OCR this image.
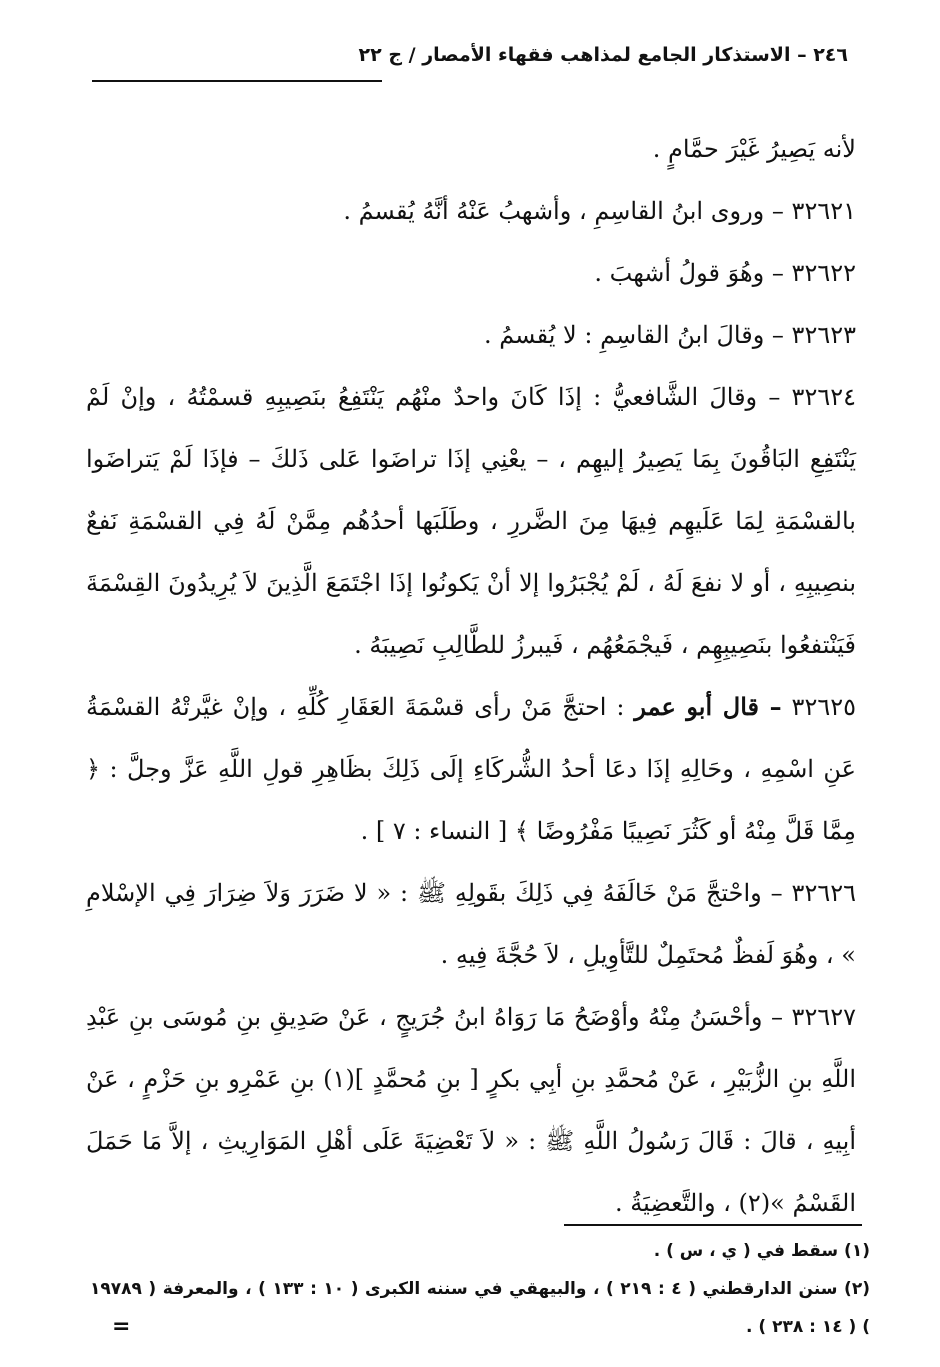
٢٤٦ – الاستذكار الجامع لمذاهب فقهاء الأمصار / ج ٢٢

لأنه يَصِيرُ غَيْرَ حمَّامٍ .

٣٢٦٢١ – وروى ابنُ القاسِمِ ، وأشهبُ عَنْهُ أنَّهُ يُقسمُ .

٣٢٦٢٢ – وهُوَ قولُ أشهبَ .

٣٢٦٢٣ – وقالَ ابنُ القاسِمِ : لا يُقسمُ .

٣٢٦٢٤ – وقالَ الشَّافعيُّ : إذَا كَانَ واحدٌ منْهُم يَنْتَفِعُ بنَصِيبِهِ قسمْتُهُ ، وإنْ لَمْ يَنْتَفِعِ البَاقُونَ بِمَا يَصِيرُ إليهِم ، – يعْنِي إذَا تراضَوا عَلى ذَلكَ – فإذَا لَمْ يَتراضَوا بالقسْمَةِ لِمَا عَلَيهِم فِيهَا مِنَ الضَّررِ ، وطَلَبَها أحدُهُم مِمَّنْ لَهُ فِي القسْمَةِ نَفعٌ بنصِيبِهِ ، أو لا نفعَ لَهُ ، لَمْ يُجْبَرُوا إلا أنْ يَكونُوا إذَا اجْتَمَعَ الَّذِينَ لاَ يُرِيدُونَ القِسْمَةَ فَيَنْتفعُوا بنَصِيبِهِم ، فَيجْمَعُهُم ، فَيبرزُ للطَّالِبِ نَصِيبَهُ .

٣٢٦٢٥ – قال أبو عمر : احتجَّ مَنْ رأى قسْمَةَ العَقَارِ كُلِّهِ ، وإنْ غيَّرتْهُ القسْمَةُ عَنِ اسْمِهِ ، وحَالِهِ إذَا دعَا أحدُ الشُّركَاءِ إلَى ذَلِكَ بظَاهِرِ قولِ اللَّهِ عَزَّ وجلَّ : ﴿ مِمَّا قَلَّ مِنْهُ أو كَثُرَ نَصِيبًا مَفْرُوضًا ﴾ [ النساء : ٧ ] .

٣٢٦٢٦ – واحْتجَّ مَنْ خَالَفَهُ فِي ذَلِكَ بقَولِهِ ﷺ : « لا ضَرَرَ وَلاَ ضِرَارَ فِي الإسْلامِ » ، وهُوَ لَفظٌ مُحتَمِلٌ للتَّأوِيلِ ، لاَ حُجَّةَ فِيهِ .

٣٢٦٢٧ – وأحْسَنُ مِنْهُ وأوْضَحُ مَا رَوَاهُ ابنُ جُرَيجٍ ، عَنْ صَدِيقِ بنِ مُوسَى بنِ عَبْدِ اللَّهِ بنِ الزُّبَيْرِ ، عَنْ مُحمَّدِ بنِ أبِي بكرٍ [ بنِ مُحمَّدٍ ](١) بنِ عَمْرِو بنِ حَزْمٍ ، عَنْ أبِيهِ ، قالَ : قَالَ رَسُولُ اللَّهِ ﷺ : « لاَ تَعْضِيَةَ عَلَى أهْلِ المَوَارِيثِ ، إلاَّ مَا حَمَلَ القَسْمُ »(٢) ، والتَّعضِيَةُ .

(١) سقط في ( ي ، س ) .

(٢) سنن الدارقطني ( ٤ : ٢١٩ ) ، والبيهقي في سننه الكبرى ( ١٠ : ١٣٣ ) ، والمعرفة ( ١٩٧٨٩ ) ( ١٤ : ٢٣٨ ) .

=
